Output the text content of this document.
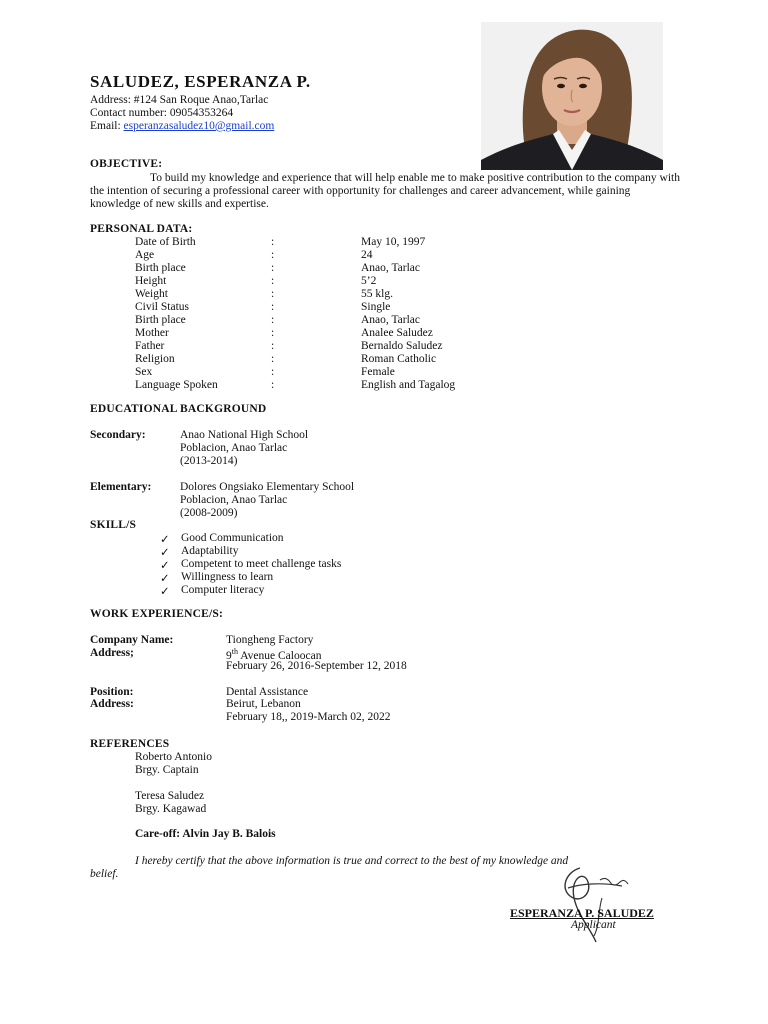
SALUDEZ, ESPERANZA P.
Address: #124 San Roque Anao,Tarlac
Contact number: 09054353264
Email: esperanzasaludez10@gmail.com
OBJECTIVE:
To build my knowledge and experience that will help enable me to make positive contribution to the company with the intention of securing a professional career with opportunity for challenges and career advancement, while gaining knowledge of new skills and expertise.
PERSONAL DATA:
Date of Birth	:	May 10, 1997
Age	:	24
Birth place	:	Anao, Tarlac
Height	:	5’2
Weight	:	55 klg.
Civil Status	:	Single
Birth place	:	Anao, Tarlac
Mother	:	Analee Saludez
Father	:	Bernaldo Saludez
Religion	:	Roman Catholic
Sex	:	Female
Language Spoken	:	English and Tagalog
EDUCATIONAL BACKGROUND
Secondary:	Anao National High School
Poblacion, Anao Tarlac
(2013-2014)
Elementary: Dolores Ongsiako Elementary School
Poblacion, Anao Tarlac
(2008-2009)
SKILL/S
✓ Good Communication
✓ Adaptability
✓ Competent to meet challenge tasks
✓ Willingness to learn
✓ Computer literacy
WORK EXPERIENCE/S:
Company Name:	Tiongheng Factory
Address;	9th Avenue Caloocan
February 26, 2016-September 12, 2018
Position:	Dental Assistance
Address:	Beirut, Lebanon
February 18,, 2019-March 02, 2022
REFERENCES
Roberto Antonio
Brgy. Captain
Teresa Saludez
Brgy. Kagawad
Care-off: Alvin Jay B. Balois
I hereby certify that the above information is true and correct to the best of my knowledge and
belief.
ESPERANZA P. SALUDEZ
Applicant
